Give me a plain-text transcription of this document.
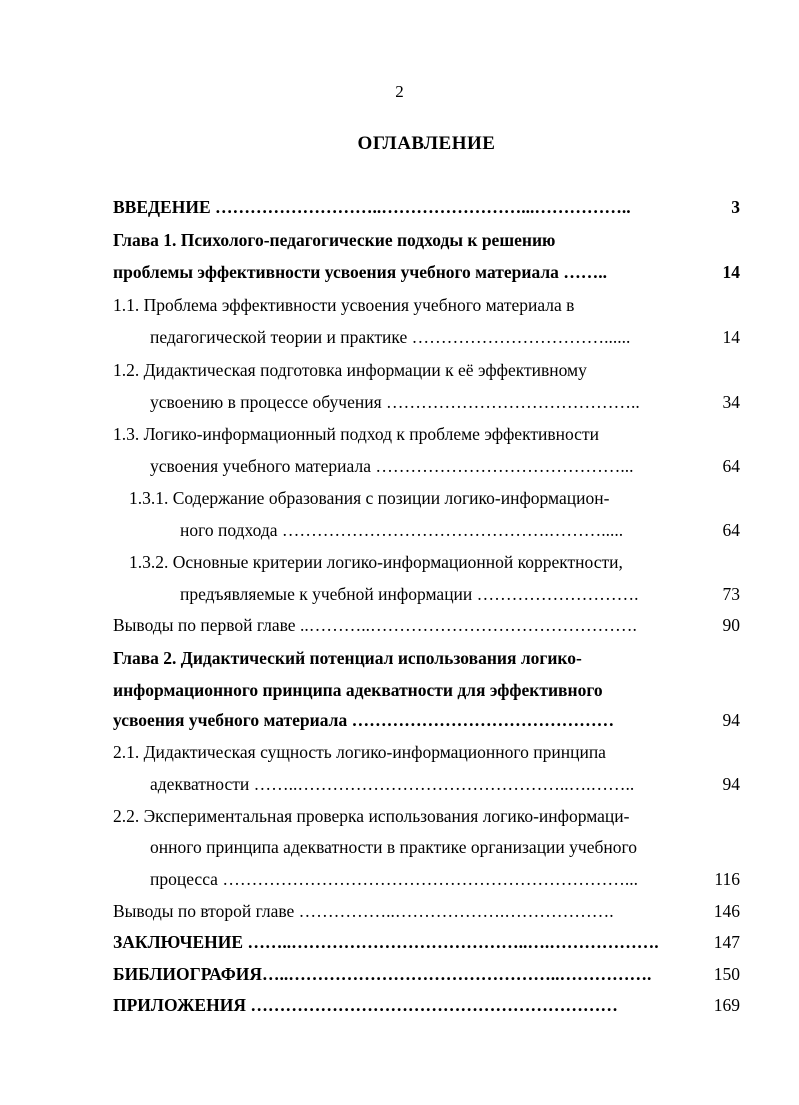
2
ОГЛАВЛЕНИЕ
ВВЕДЕНИЕ ………………………..……………………...……………..	3
Глава 1. Психолого-педагогические подходы к решению
проблемы эффективности усвоения учебного материала ……..	14
1.1. Проблема эффективности усвоения учебного материала в
педагогической теории и практике ……………………………......	14
1.2. Дидактическая подготовка информации к её эффективному
усвоению в процессе обучения ……………………………………..	34
1.3. Логико-информационный подход к проблеме эффективности
усвоения учебного материала ……………………………………...	64
1.3.1. Содержание образования с позиции логико-информацион-
ного подхода ……………………………………….……….....	64
1.3.2. Основные критерии логико-информационной корректности,
предъявляемые к учебной информации ……………………….	73
Выводы по первой главе ..………..……………………………………….	90
Глава 2. Дидактический потенциал использования логико-
информационного принципа адекватности для эффективного
усвоения учебного материала ………………………………………	94
2.1. Дидактическая сущность логико-информационного принципа
адекватности ……..………………………………………..….……..	94
2.2. Экспериментальная проверка использования логико-информаци-
онного принципа адекватности в практике организации учебного
процесса ……………………………………………………………...	116
Выводы по второй главе ……………..……………….……………….	146
ЗАКЛЮЧЕНИЕ ……..…………………………………..….……………….	147
БИБЛИОГРАФИЯ…..………………………………………..…………….	150
ПРИЛОЖЕНИЯ ………………………………………………………	169
